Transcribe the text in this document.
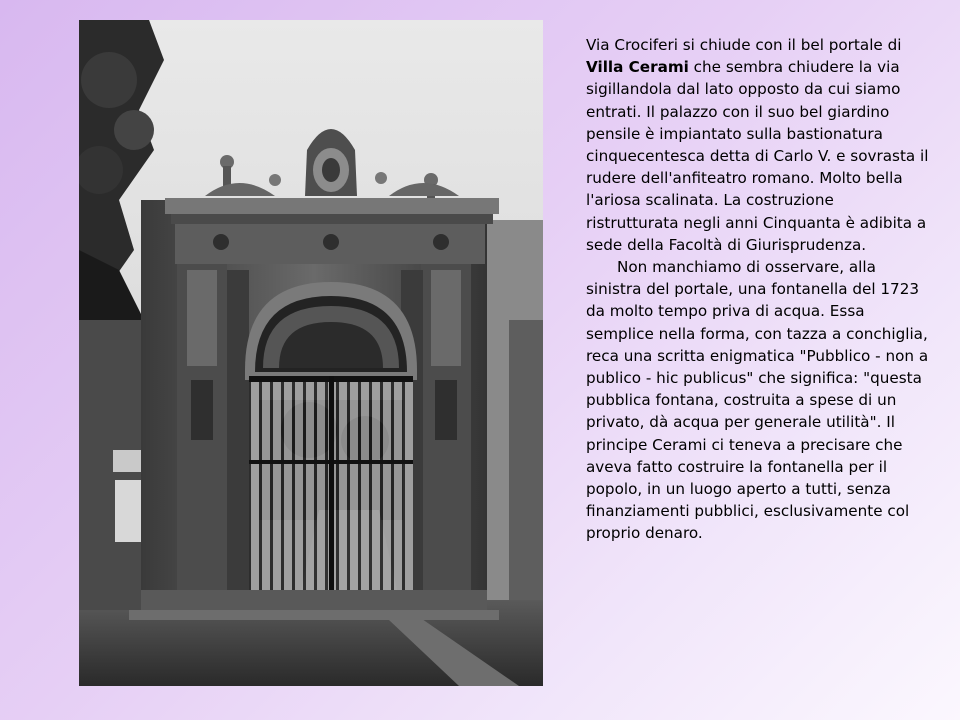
Via Crociferi si chiude con il bel portale di Villa Cerami che sembra chiudere la via sigillandola dal lato opposto da cui siamo entrati. Il palazzo con il suo bel giardino pensile è impiantato sulla bastionatura cinquecentesca detta di Carlo V. e sovrasta il rudere dell'anfiteatro romano. Molto bella l'ariosa scalinata. La costruzione ristrutturata negli anni Cinquanta è adibita a sede della Facoltà di Giurisprudenza.

Non manchiamo di osservare, alla sinistra del portale, una fontanella del 1723 da molto tempo priva di acqua. Essa semplice nella forma, con tazza a conchiglia, reca una scritta enigmatica "Pubblico - non a publico - hic publicus" che significa: "questa pubblica fontana, costruita a spese di un privato, dà acqua per generale utilità". Il principe Cerami ci teneva a precisare che aveva fatto costruire la fontanella per il popolo, in un luogo aperto a tutti, senza finanziamenti pubblici, esclusivamente col proprio denaro.
